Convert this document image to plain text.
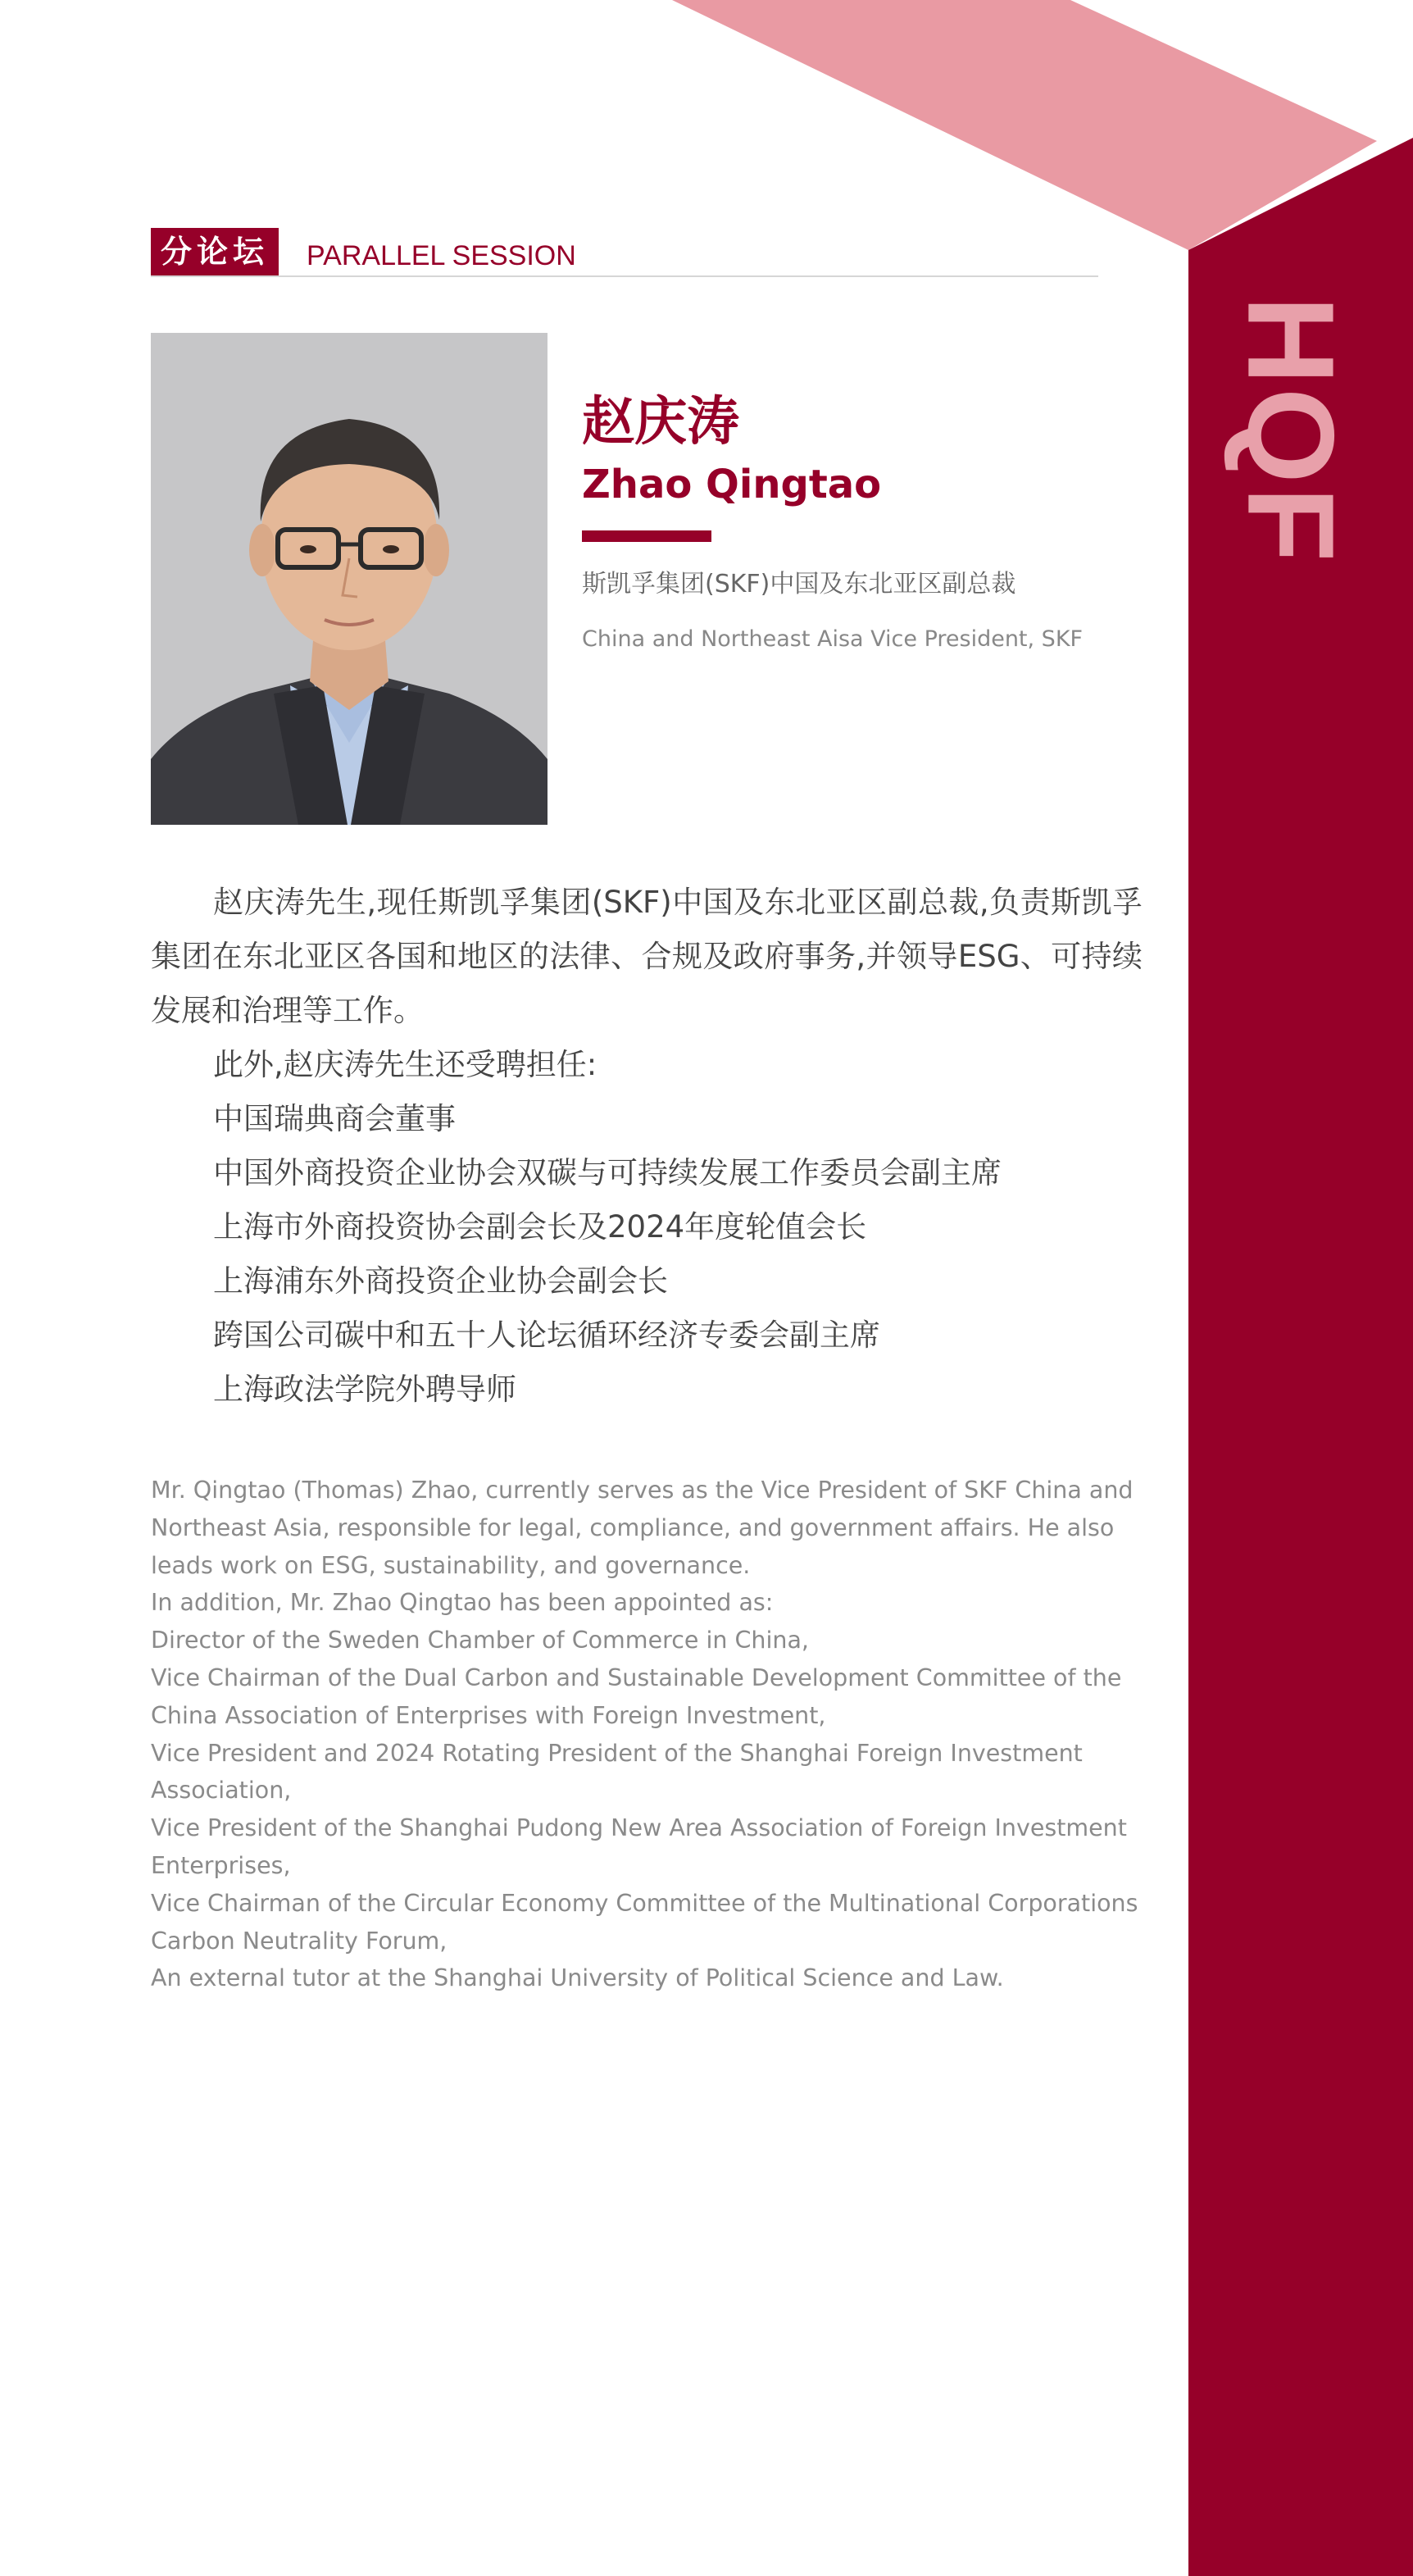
HQF
分论坛	PARALLEL SESSION
赵庆涛
Zhao Qingtao
斯凯孚集团(SKF)中国及东北亚区副总裁
China and Northeast Aisa Vice President, SKF

赵庆涛先生,现任斯凯孚集团(SKF)中国及东北亚区副总裁,负责斯凯孚集团在东北亚区各国和地区的法律、合规及政府事务,并领导ESG、可持续发展和治理等工作。

此外,赵庆涛先生还受聘担任:

中国瑞典商会董事

中国外商投资企业协会双碳与可持续发展工作委员会副主席

上海市外商投资协会副会长及2024年度轮值会长

上海浦东外商投资企业协会副会长

跨国公司碳中和五十人论坛循环经济专委会副主席

上海政法学院外聘导师

Mr. Qingtao (Thomas) Zhao, currently serves as the Vice President of SKF China and Northeast Asia, responsible for legal, compliance, and government affairs. He also leads work on ESG, sustainability, and governance.

In addition, Mr. Zhao Qingtao has been appointed as:

Director of the Sweden Chamber of Commerce in China,

Vice Chairman of the Dual Carbon and Sustainable Development Committee of the China Association of Enterprises with Foreign Investment,

Vice President and 2024 Rotating President of the Shanghai Foreign Investment Association,

Vice President of the Shanghai Pudong New Area Association of Foreign Investment Enterprises,

Vice Chairman of the Circular Economy Committee of the Multinational Corporations Carbon Neutrality Forum,

An external tutor at the Shanghai University of Political Science and Law.
